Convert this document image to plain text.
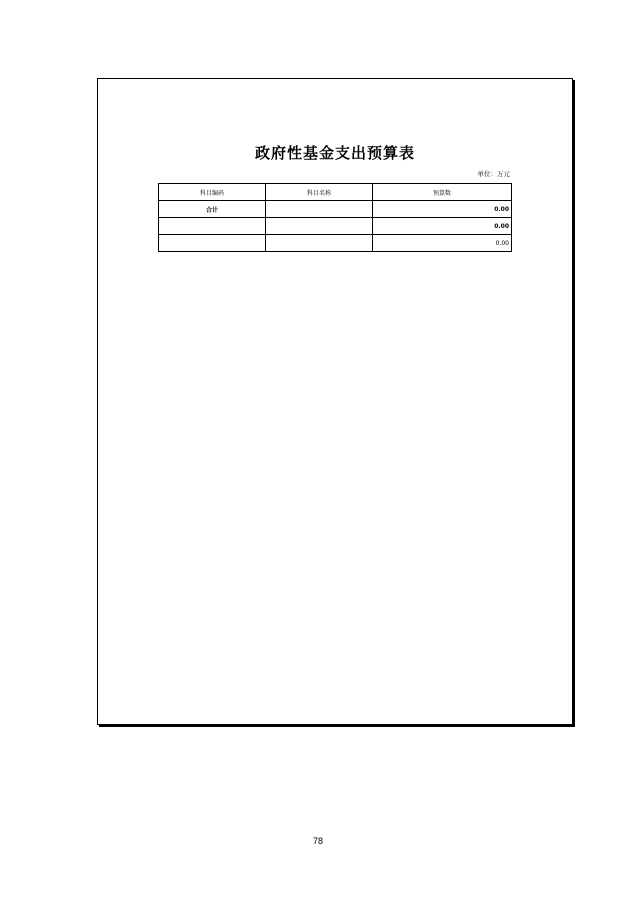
政府性基金支出预算表
单位：万元
科目编码	科目名称	预算数
合计		0.00
		0.00
		0.00
78
